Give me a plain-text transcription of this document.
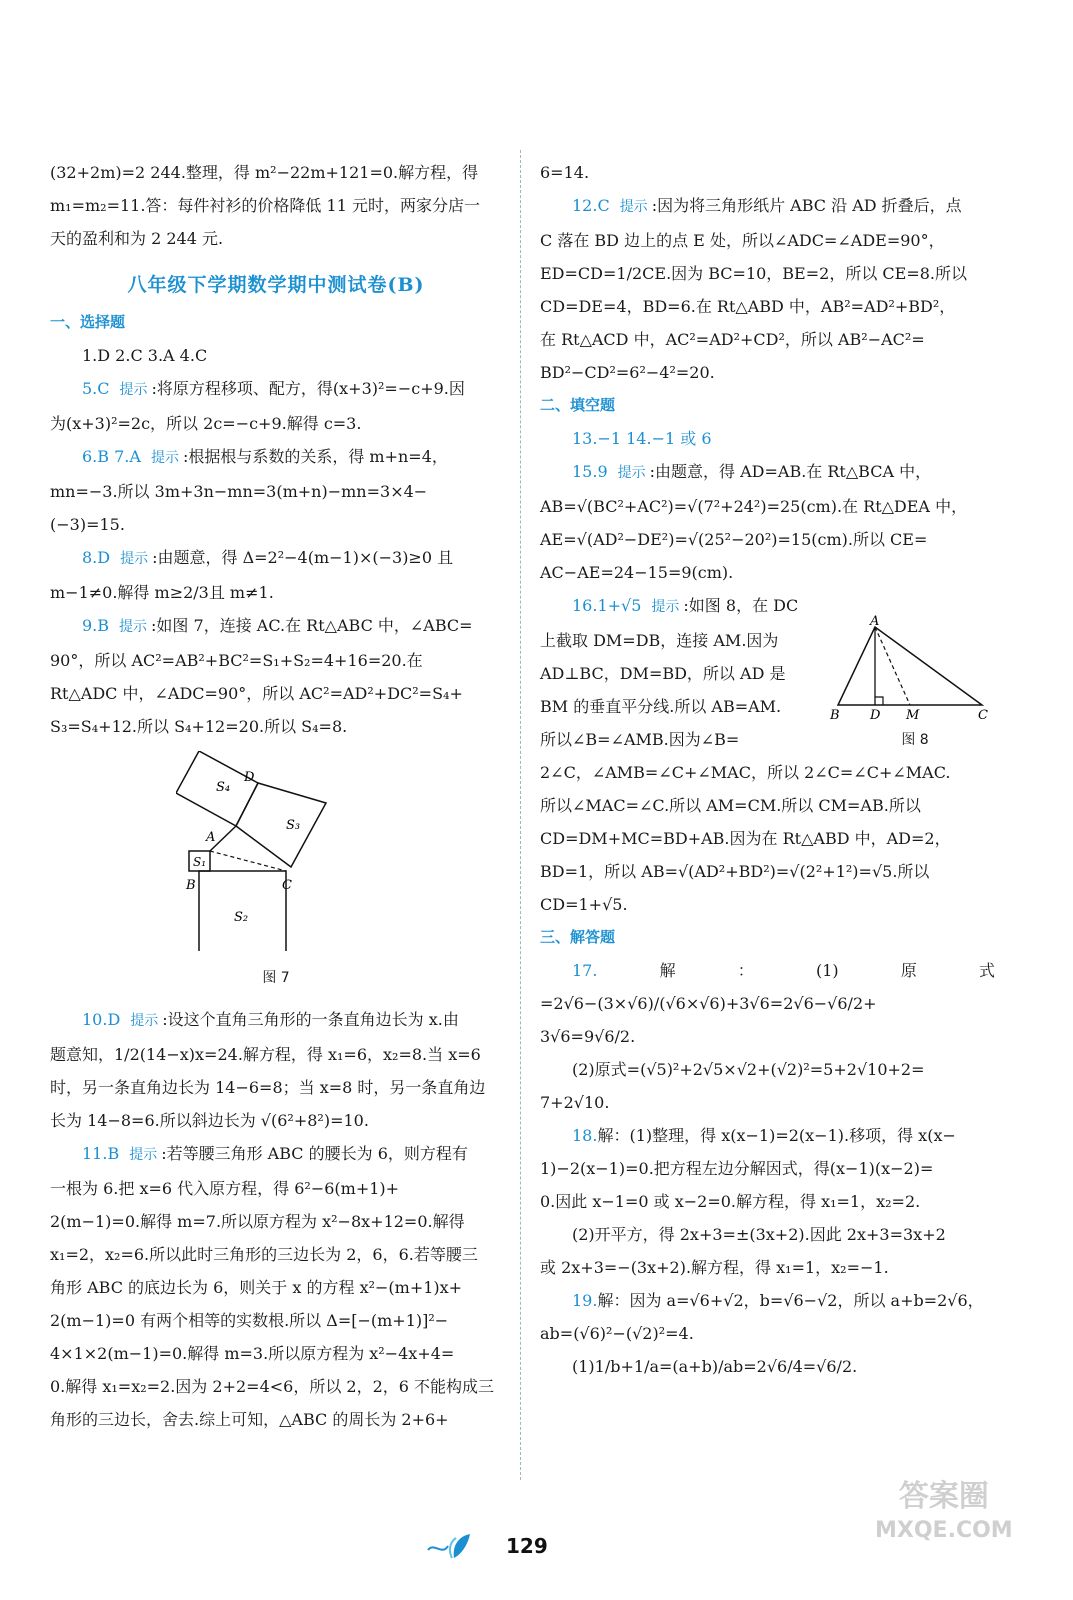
(32+2m)=2 244.整理，得 m²−22m+121=0.解方程，得

m₁=m₂=11.答：每件衬衫的价格降低 11 元时，两家分店一

天的盈利和为 2 244 元.

八年级下学期数学期中测试卷(B)

一、选择题

1.D 2.C 3.A 4.C

5.C 提示 :将原方程移项、配方，得(x+3)²=−c+9.因

为(x+3)²=2c，所以 2c=−c+9.解得 c=3.

6.B 7.A 提示 :根据根与系数的关系，得 m+n=4，

mn=−3.所以 3m+3n−mn=3(m+n)−mn=3×4−

(−3)=15.

8.D 提示 :由题意，得 Δ=2²−4(m−1)×(−3)≥0 且

m−1≠0.解得 m≥2/3且 m≠1.

9.B 提示 :如图 7，连接 AC.在 Rt△ABC 中，∠ABC=

90°，所以 AC²=AB²+BC²=S₁+S₂=4+16=20.在

Rt△ADC 中，∠ADC=90°，所以 AC²=AD²+DC²=S₄+

S₃=S₄+12.所以 S₄+12=20.所以 S₄=8.

S₄
S₃
S₁
S₂
D
A
B	C
图 7

10.D 提示 :设这个直角三角形的一条直角边长为 x.由

题意知，1/2(14−x)x=24.解方程，得 x₁=6，x₂=8.当 x=6

时，另一条直角边长为 14−6=8；当 x=8 时，另一条直角边

长为 14−8=6.所以斜边长为 √(6²+8²)=10.

11.B 提示 :若等腰三角形 ABC 的腰长为 6，则方程有

一根为 6.把 x=6 代入原方程，得 6²−6(m+1)+

2(m−1)=0.解得 m=7.所以原方程为 x²−8x+12=0.解得

x₁=2，x₂=6.所以此时三角形的三边长为 2，6，6.若等腰三

角形 ABC 的底边长为 6，则关于 x 的方程 x²−(m+1)x+

2(m−1)=0 有两个相等的实数根.所以 Δ=[−(m+1)]²−

4×1×2(m−1)=0.解得 m=3.所以原方程为 x²−4x+4=

0.解得 x₁=x₂=2.因为 2+2=4<6，所以 2，2，6 不能构成三

角形的三边长，舍去.综上可知，△ABC 的周长为 2+6+

6=14.

12.C 提示 :因为将三角形纸片 ABC 沿 AD 折叠后，点

C 落在 BD 边上的点 E 处，所以∠ADC=∠ADE=90°，

ED=CD=1/2CE.因为 BC=10，BE=2，所以 CE=8.所以

CD=DE=4，BD=6.在 Rt△ABD 中，AB²=AD²+BD²，

在 Rt△ACD 中，AC²=AD²+CD²，所以 AB²−AC²=

BD²−CD²=6²−4²=20.

二、填空题

13.−1 14.−1 或 6

15.9 提示 :由题意，得 AD=AB.在 Rt△BCA 中，

AB=√(BC²+AC²)=√(7²+24²)=25(cm).在 Rt△DEA 中，

AE=√(AD²−DE²)=√(25²−20²)=15(cm).所以 CE=

AC−AE=24−15=9(cm).

16.1+√5 提示 :如图 8，在 DC

上截取 DM=DB，连接 AM.因为

AD⊥BC，DM=BD，所以 AD 是

BM 的垂直平分线.所以 AB=AM.

所以∠B=∠AMB.因为∠B=

2∠C，∠AMB=∠C+∠MAC，所以 2∠C=∠C+∠MAC.

所以∠MAC=∠C.所以 AM=CM.所以 CM=AB.所以

CD=DM+MC=BD+AB.因为在 Rt△ABD 中，AD=2，

BD=1，所以 AB=√(AD²+BD²)=√(2²+1²)=√5.所以

CD=1+√5.

三、解答题

17.解：(1)原式=2√6−(3×√6)/(√6×√6)+3√6=2√6−√6/2+

3√6=9√6/2.

(2)原式=(√5)²+2√5×√2+(√2)²=5+2√10+2=

7+2√10.

18.解：(1)整理，得 x(x−1)=2(x−1).移项，得 x(x−

1)−2(x−1)=0.把方程左边分解因式，得(x−1)(x−2)=

0.因此 x−1=0 或 x−2=0.解方程，得 x₁=1，x₂=2.

(2)开平方，得 2x+3=±(3x+2).因此 2x+3=3x+2

或 2x+3=−(3x+2).解方程，得 x₁=1，x₂=−1.

19.解：因为 a=√6+√2，b=√6−√2，所以 a+b=2√6，

ab=(√6)²−(√2)²=4.

(1)1/b+1/a=(a+b)/ab=2√6/4=√6/2.

A
B D M	C
图 8
129
答案圈
MXQE.COM
